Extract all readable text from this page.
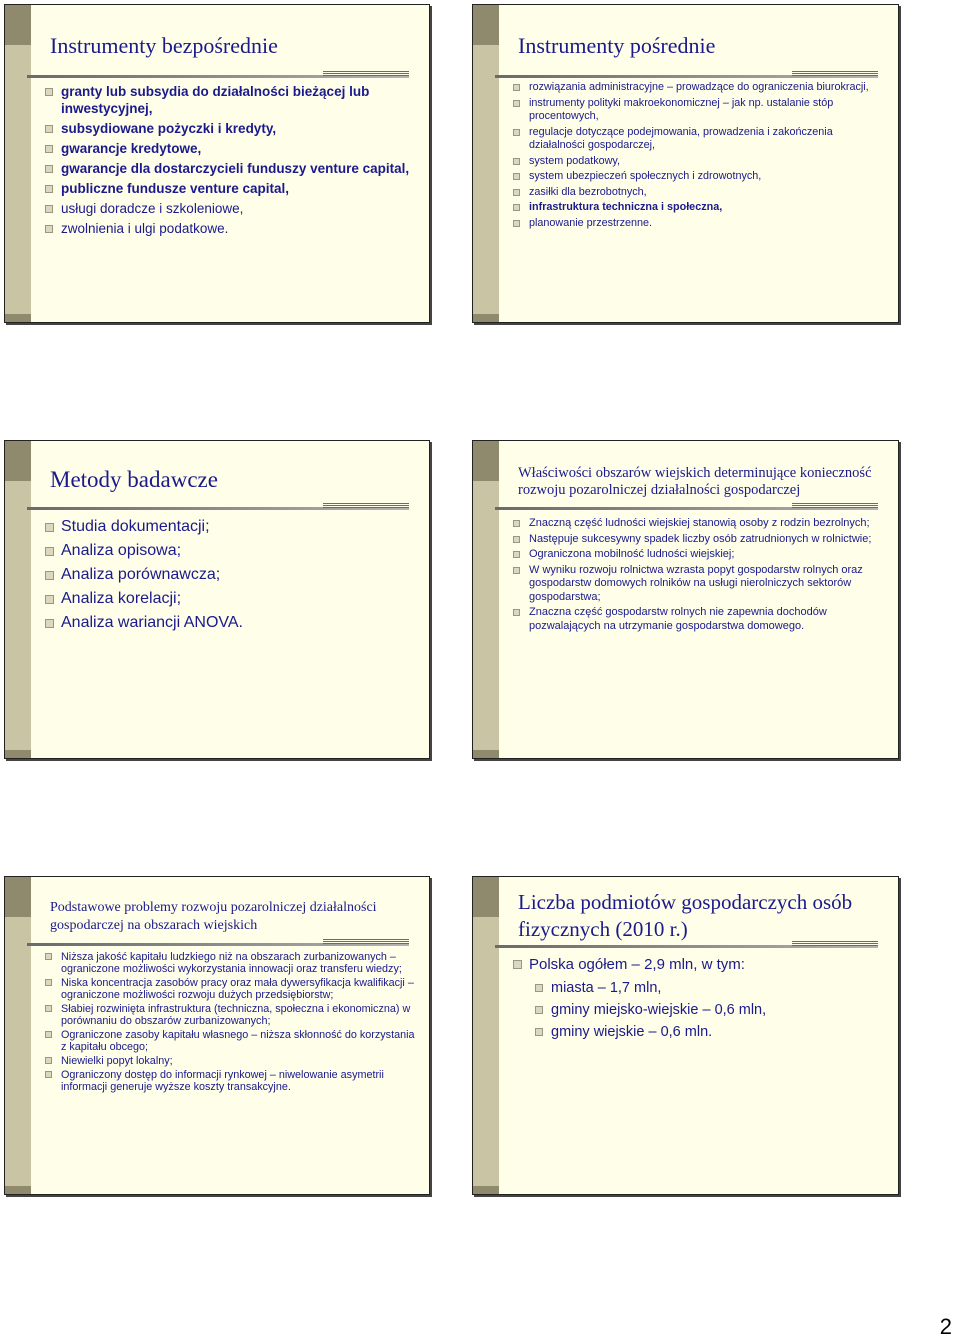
Instrumenty bezpośrednie
granty lub subsydia do działalności bieżącej lub inwestycyjnej,
subsydiowane pożyczki i kredyty,
gwarancje kredytowe,
gwarancje dla dostarczycieli funduszy venture capital,
publiczne fundusze venture capital,
usługi doradcze i szkoleniowe,
zwolnienia i ulgi podatkowe.
Instrumenty pośrednie
rozwiązania administracyjne – prowadzące do ograniczenia biurokracji,
instrumenty polityki makroekonomicznej – jak np. ustalanie stóp procentowych,
regulacje dotyczące podejmowania, prowadzenia i zakończenia działalności gospodarczej,
system podatkowy,
system ubezpieczeń społecznych i zdrowotnych,
zasiłki dla bezrobotnych,
infrastruktura techniczna i społeczna,
planowanie przestrzenne.
Metody badawcze
Studia dokumentacji;
Analiza opisowa;
Analiza porównawcza;
Analiza korelacji;
Analiza wariancji ANOVA.
Właściwości obszarów wiejskich determinujące konieczność rozwoju pozarolniczej działalności gospodarczej
Znaczną część ludności wiejskiej stanowią osoby z rodzin bezrolnych;
Następuje sukcesywny spadek liczby osób zatrudnionych w rolnictwie;
Ograniczona mobilność ludności wiejskiej;
W wyniku rozwoju rolnictwa wzrasta popyt gospodarstw rolnych oraz gospodarstw domowych rolników na usługi nierolniczych sektorów gospodarstwa;
Znaczna część gospodarstw rolnych nie zapewnia dochodów pozwalających na utrzymanie gospodarstwa domowego.
Podstawowe problemy rozwoju pozarolniczej działalności gospodarczej na obszarach wiejskich
Niższa jakość kapitału ludzkiego niż na obszarach zurbanizowanych – ograniczone możliwości wykorzystania innowacji oraz transferu wiedzy;
Niska koncentracja zasobów pracy oraz mała dywersyfikacja kwalifikacji – ograniczone możliwości rozwoju dużych przedsiębiorstw;
Słabiej rozwinięta infrastruktura (techniczna, społeczna i ekonomiczna) w porównaniu do obszarów zurbanizowanych;
Ograniczone zasoby kapitału własnego – niższa skłonność do korzystania z kapitału obcego;
Niewielki popyt lokalny;
Ograniczony dostęp do informacji rynkowej – niwelowanie asymetrii informacji generuje wyższe koszty transakcyjne.
Liczba podmiotów gospodarczych osób fizycznych (2010 r.)
Polska ogółem – 2,9 mln, w tym:
miasta – 1,7 mln,
gminy miejsko-wiejskie – 0,6 mln,
gminy wiejskie – 0,6 mln.
2
